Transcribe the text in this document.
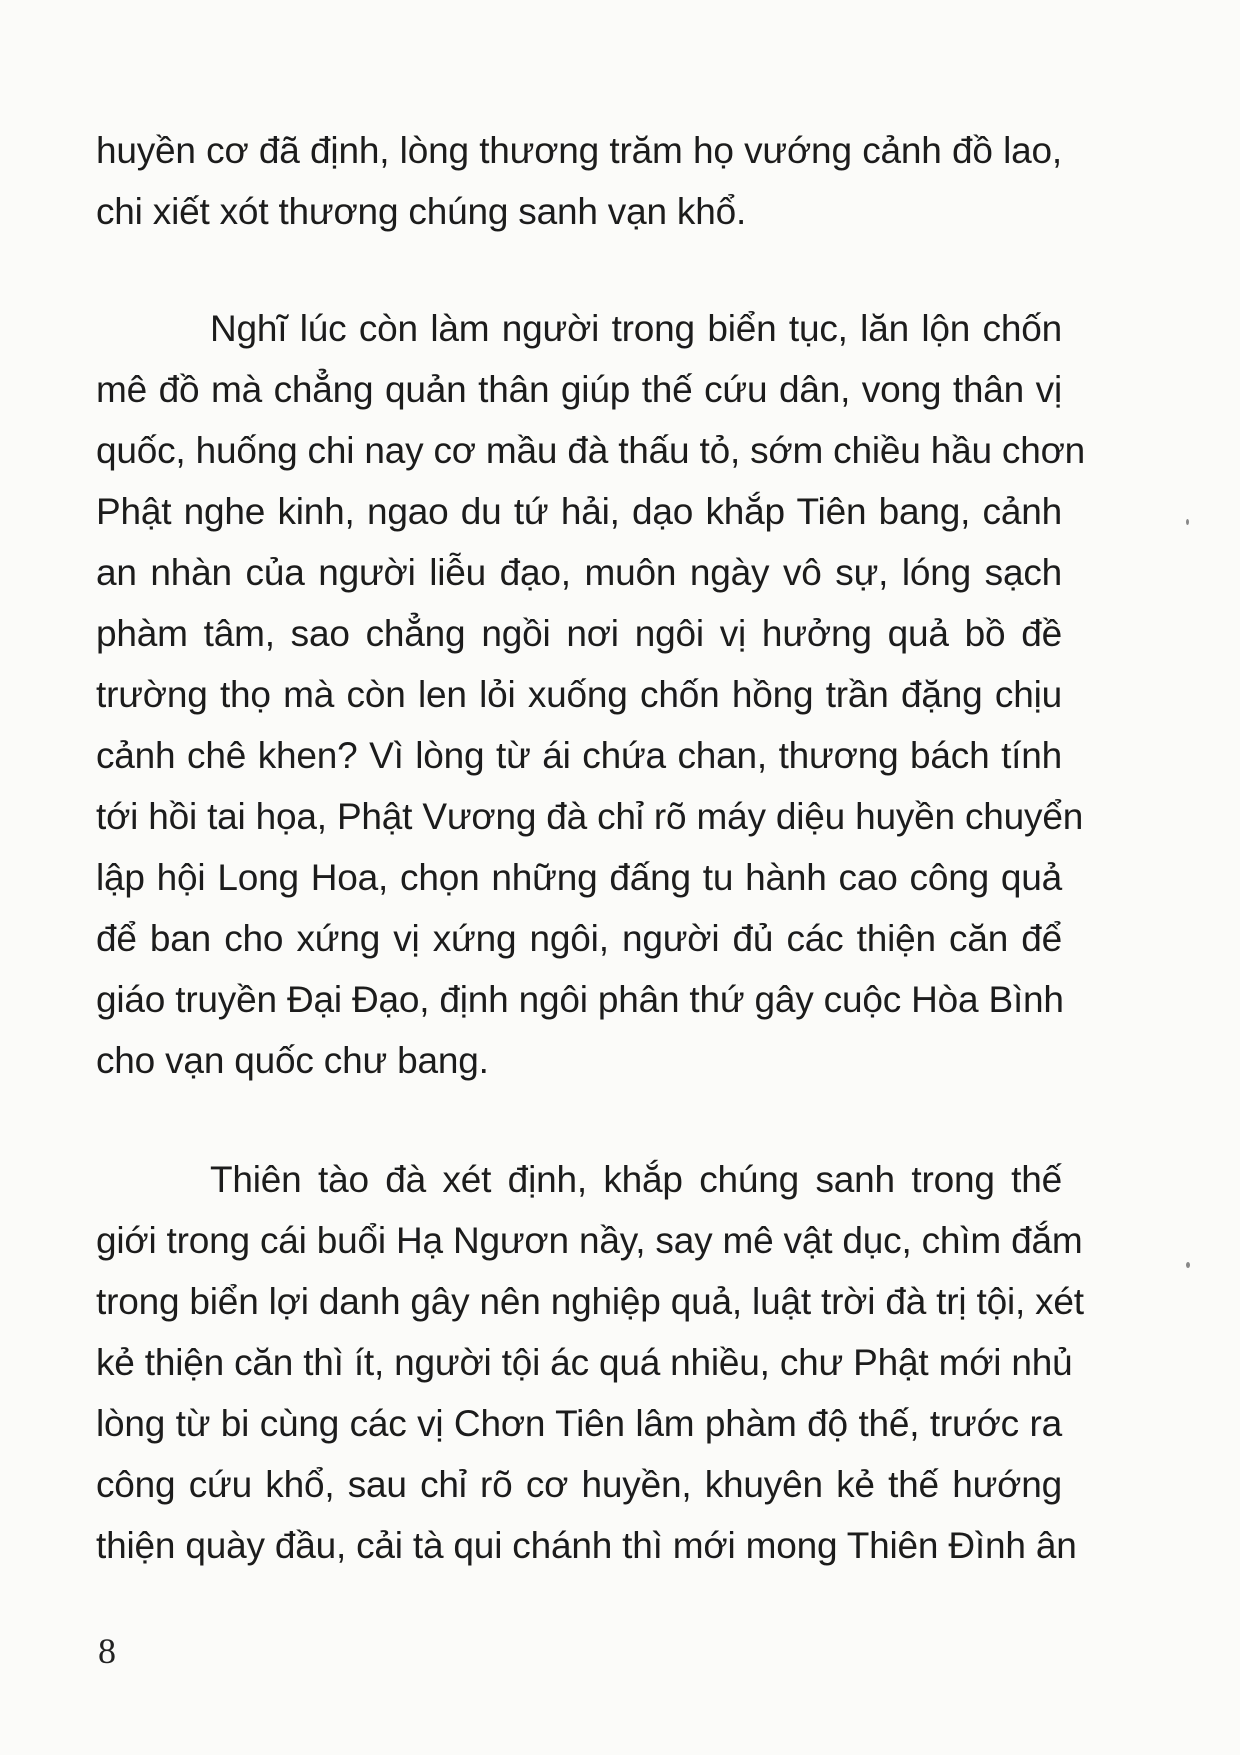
huyền cơ đã định, lòng thương trăm họ vướng cảnh đồ lao,
chi xiết xót thương chúng sanh vạn khổ.

Nghĩ lúc còn làm người trong biển tục, lăn lộn chốn
mê đồ mà chẳng quản thân giúp thế cứu dân, vong thân vị
quốc, huống chi nay cơ mầu đà thấu tỏ, sớm chiều hầu chơn
Phật nghe kinh, ngao du tứ hải, dạo khắp Tiên bang, cảnh
an nhàn của người liễu đạo, muôn ngày vô sự, lóng sạch
phàm tâm, sao chẳng ngồi nơi ngôi vị hưởng quả bồ đề
trường thọ mà còn len lỏi xuống chốn hồng trần đặng chịu
cảnh chê khen? Vì lòng từ ái chứa chan, thương bách tính
tới hồi tai họa, Phật Vương đà chỉ rõ máy diệu huyền chuyển
lập hội Long Hoa, chọn những đấng tu hành cao công quả
để ban cho xứng vị xứng ngôi, người đủ các thiện căn để
giáo truyền Đại Đạo, định ngôi phân thứ gây cuộc Hòa Bình
cho vạn quốc chư bang.

Thiên tào đà xét định, khắp chúng sanh trong thế
giới trong cái buổi Hạ Ngươn nầy, say mê vật dục, chìm đắm
trong biển lợi danh gây nên nghiệp quả, luật trời đà trị tội, xét
kẻ thiện căn thì ít, người tội ác quá nhiều, chư Phật mới nhủ
lòng từ bi cùng các vị Chơn Tiên lâm phàm độ thế, trước ra
công cứu khổ, sau chỉ rõ cơ huyền, khuyên kẻ thế hướng
thiện quày đầu, cải tà qui chánh thì mới mong Thiên Đình ân

8
